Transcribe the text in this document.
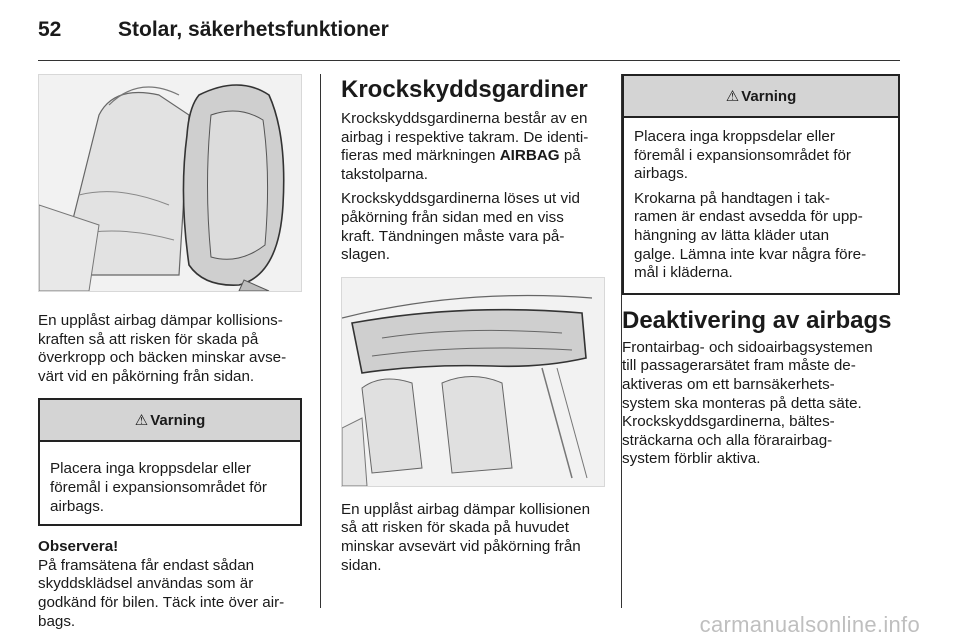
52	Stolar, säkerhetsfunktioner

En upplåst airbag dämpar kollisions-

kraften så att risken för skada på

överkropp och bäcken minskar avse-

värt vid en påkörning från sidan.

⚠ Varning

Placera inga kroppsdelar eller

föremål i expansionsområdet för

airbags.

Observera!

På framsätena får endast sådan

skyddsklädsel användas som är

godkänd för bilen. Täck inte över air-

bags.

Krockskyddsgardiner

Krockskyddsgardinerna består av en

airbag i respektive takram. De identi-

fieras med märkningen AIRBAG på

takstolparna.

Krockskyddsgardinerna löses ut vid

påkörning från sidan med en viss

kraft. Tändningen måste vara på-

slagen.

En upplåst airbag dämpar kollisionen

så att risken för skada på huvudet

minskar avsevärt vid påkörning från

sidan.

⚠ Varning

Placera inga kroppsdelar eller

föremål i expansionsområdet för

airbags.

Krokarna på handtagen i tak-

ramen är endast avsedda för upp-

hängning av lätta kläder utan

galge. Lämna inte kvar några före-

mål i kläderna.

Deaktivering av airbags

Frontairbag- och sidoairbagsystemen

till passagerarsätet fram måste de-

aktiveras om ett barnsäkerhets-

system ska monteras på detta säte.

Krockskyddsgardinerna, bältes-

sträckarna och alla förarairbag-

system förblir aktiva.

carmanualsonline.info
